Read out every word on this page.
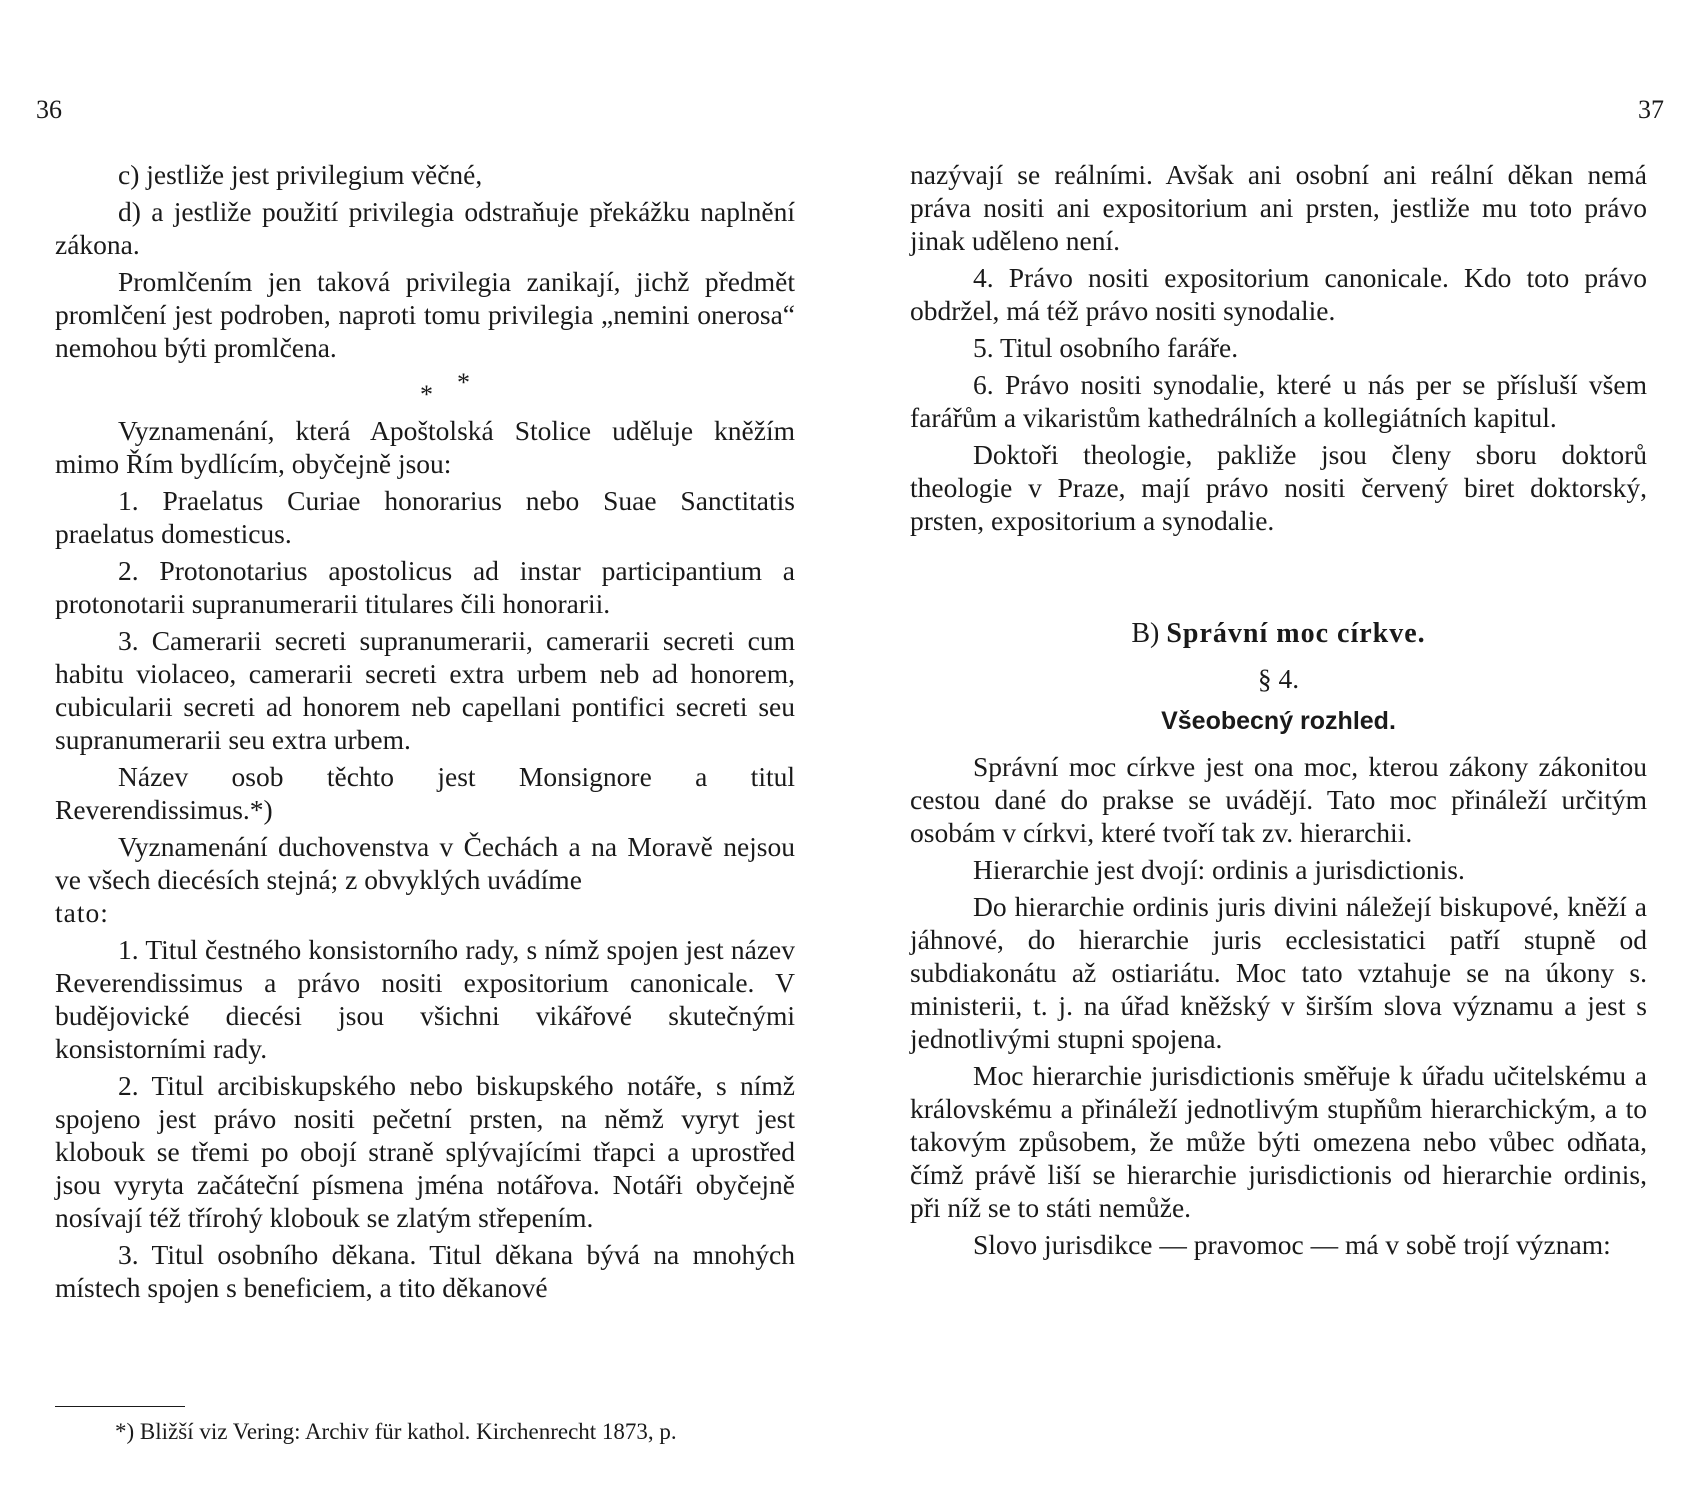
36

c) jestliže jest privilegium věčné,

d) a jestliže použití privilegia odstraňuje překážku naplnění zákona.

Promlčením jen taková privilegia zanikají, jichž předmět promlčení jest podroben, naproti tomu privilegia „nemini onerosa“ nemohou býti promlčena.

* *

Vyznamenání, která Apoštolská Stolice uděluje kněžím mimo Řím bydlícím, obyčejně jsou:

1. Praelatus Curiae honorarius nebo Suae Sanctitatis praelatus domesticus.

2. Protonotarius apostolicus ad instar participantium a protonotarii supranumerarii titulares čili honorarii.

3. Camerarii secreti supranumerarii, camerarii secreti cum habitu violaceo, camerarii secreti extra urbem neb ad honorem, cubicularii secreti ad honorem neb capellani pontifici secreti seu supranumerarii seu extra urbem.

Název osob těchto jest Monsignore a titul Reverendissimus.*)

Vyznamenání duchovenstva v Čechách a na Moravě nejsou ve všech diecésích stejná; z obvyklých uvádíme

tato:

1. Titul čestného konsistorního rady, s nímž spojen jest název Reverendissimus a právo nositi expositorium canonicale. V budějovické diecési jsou všichni vikářové skutečnými konsistorními rady.

2. Titul arcibiskupského nebo biskupského notáře, s nímž spojeno jest právo nositi pečetní prsten, na němž vyryt jest klobouk se třemi po obojí straně splývajícími třapci a uprostřed jsou vyryta začáteční písmena jména notářova. Notáři obyčejně nosívají též třírohý klobouk se zlatým střepením.

3. Titul osobního děkana. Titul děkana bývá na mnohých místech spojen s beneficiem, a tito děkanové

*) Bližší viz Vering: Archiv für kathol. Kirchenrecht 1873, p.
37

nazývají se reálními. Avšak ani osobní ani reální děkan nemá práva nositi ani expositorium ani prsten, jestliže mu toto právo jinak uděleno není.

4. Právo nositi expositorium canonicale. Kdo toto právo obdržel, má též právo nositi synodalie.

5. Titul osobního faráře.

6. Právo nositi synodalie, které u nás per se přísluší všem farářům a vikaristům kathedrálních a kollegiátních kapitul.

Doktoři theologie, pakliže jsou členy sboru doktorů theologie v Praze, mají právo nositi červený biret doktorský, prsten, expositorium a synodalie.

B) Správní moc církve.
§ 4.
Všeobecný rozhled.

Správní moc církve jest ona moc, kterou zákony zákonitou cestou dané do prakse se uvádějí. Tato moc přináleží určitým osobám v církvi, které tvoří tak zv. hierarchii.

Hierarchie jest dvojí: ordinis a jurisdictionis.

Do hierarchie ordinis juris divini náležejí biskupové, kněží a jáhnové, do hierarchie juris ecclesistatici patří stupně od subdiakonátu až ostiariátu. Moc tato vztahuje se na úkony s. ministerii, t. j. na úřad kněžský v širším slova významu a jest s jednotlivými stupni spojena.

Moc hierarchie jurisdictionis směřuje k úřadu učitelskému a královskému a přináleží jednotlivým stupňům hierarchickým, a to takovým způsobem, že může býti omezena nebo vůbec odňata, čímž právě liší se hierarchie jurisdictionis od hierarchie ordinis, při níž se to státi nemůže.

Slovo jurisdikce — pravomoc — má v sobě trojí význam:
